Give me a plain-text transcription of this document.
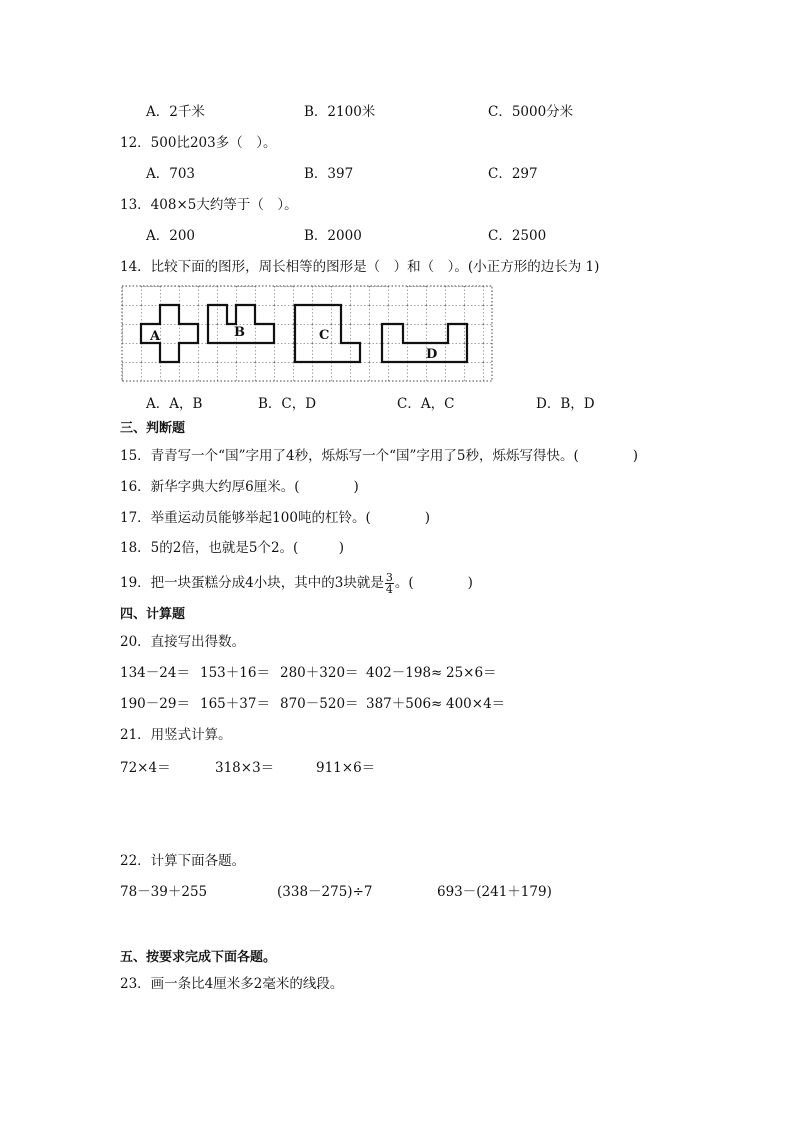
A．2千米	B．2100米	C．5000分米
12．500比203多（　）。
A．703	B．397	C．297
13．408×5大约等于（　）。
A．200	B．2000	C．2500
14．比较下面的图形，周长相等的图形是（　）和（　）。(小正方形的边长为 1)
A	B	C
D
A．A，B	B．C，D	C．A，C	D．B，D
三、判断题
15．青青写一个“国”字用了4秒，烁烁写一个“国”字用了5秒，烁烁写得快。(　　　　)
16．新华字典大约厚6厘米。(　　　　)
17．举重运动员能够举起100吨的杠铃。(　　　　)
18．5的2倍，也就是5个2。(　　　)
19．把一块蛋糕分成4小块，其中的3块就是 $\frac{3}{4}$ 。(　　　　)
四、计算题
20．直接写出得数。
134－24＝ 153＋16＝ 280＋320＝ 402－198≈ 25×6＝
190－29＝ 165＋37＝ 870－520＝ 387＋506≈ 400×4＝
21．用竖式计算。
72×4＝	318×3＝	911×6＝
22．计算下面各题。
78－39＋255	(338－275)÷7	693－(241＋179)
五、按要求完成下面各题。
23．画一条比4厘米多2毫米的线段。
